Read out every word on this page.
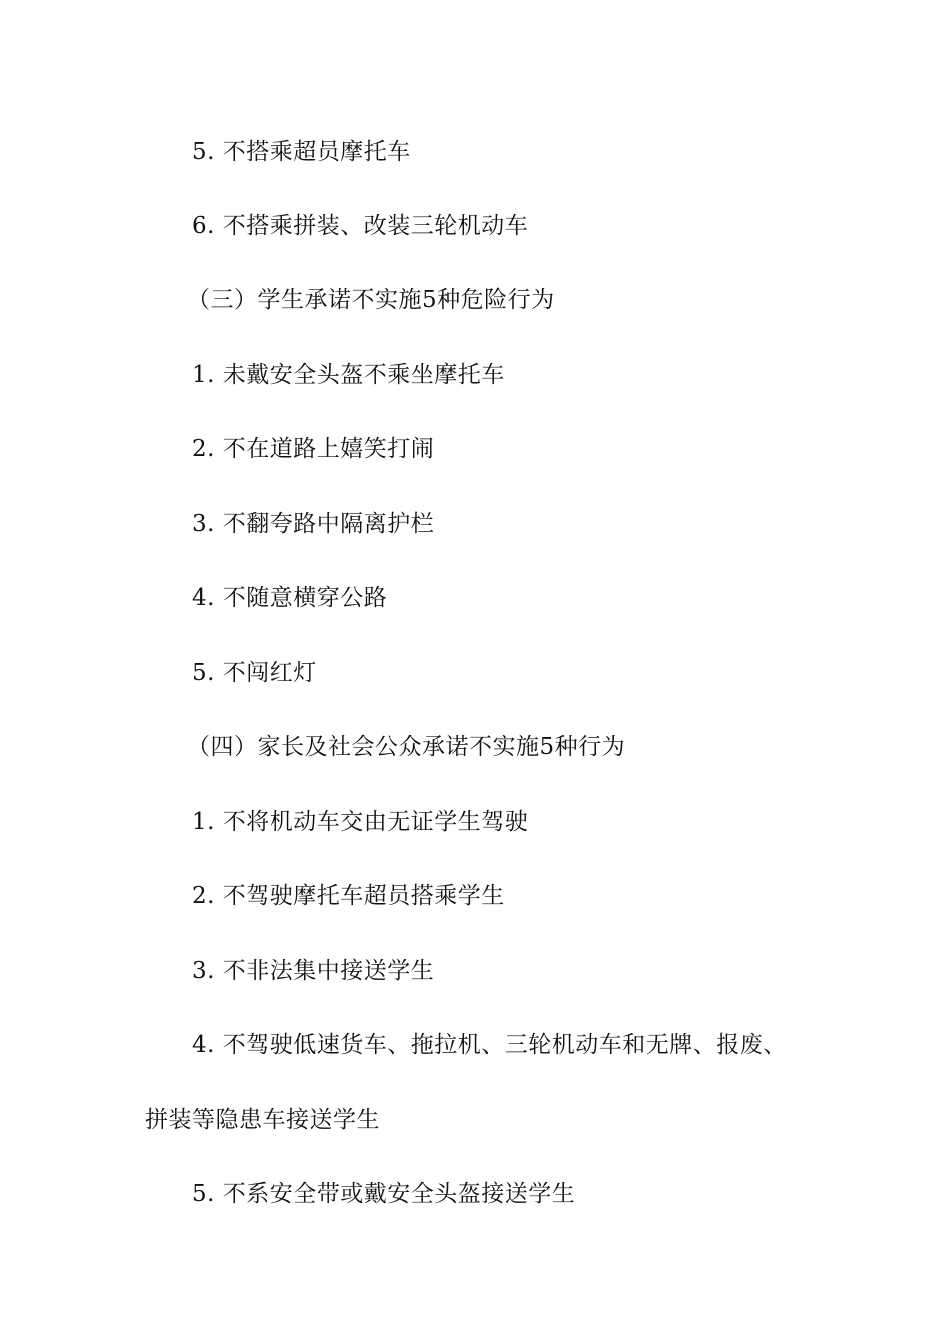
5. 不搭乘超员摩托车
6. 不搭乘拼装、改装三轮机动车
（三）学生承诺不实施5种危险行为
1. 未戴安全头盔不乘坐摩托车
2. 不在道路上嬉笑打闹
3. 不翻夸路中隔离护栏
4. 不随意横穿公路
5. 不闯红灯
（四）家长及社会公众承诺不实施5种行为
1. 不将机动车交由无证学生驾驶
2. 不驾驶摩托车超员搭乘学生
3. 不非法集中接送学生
4. 不驾驶低速货车、拖拉机、三轮机动车和无牌、报废、
拼装等隐患车接送学生
5. 不系安全带或戴安全头盔接送学生
